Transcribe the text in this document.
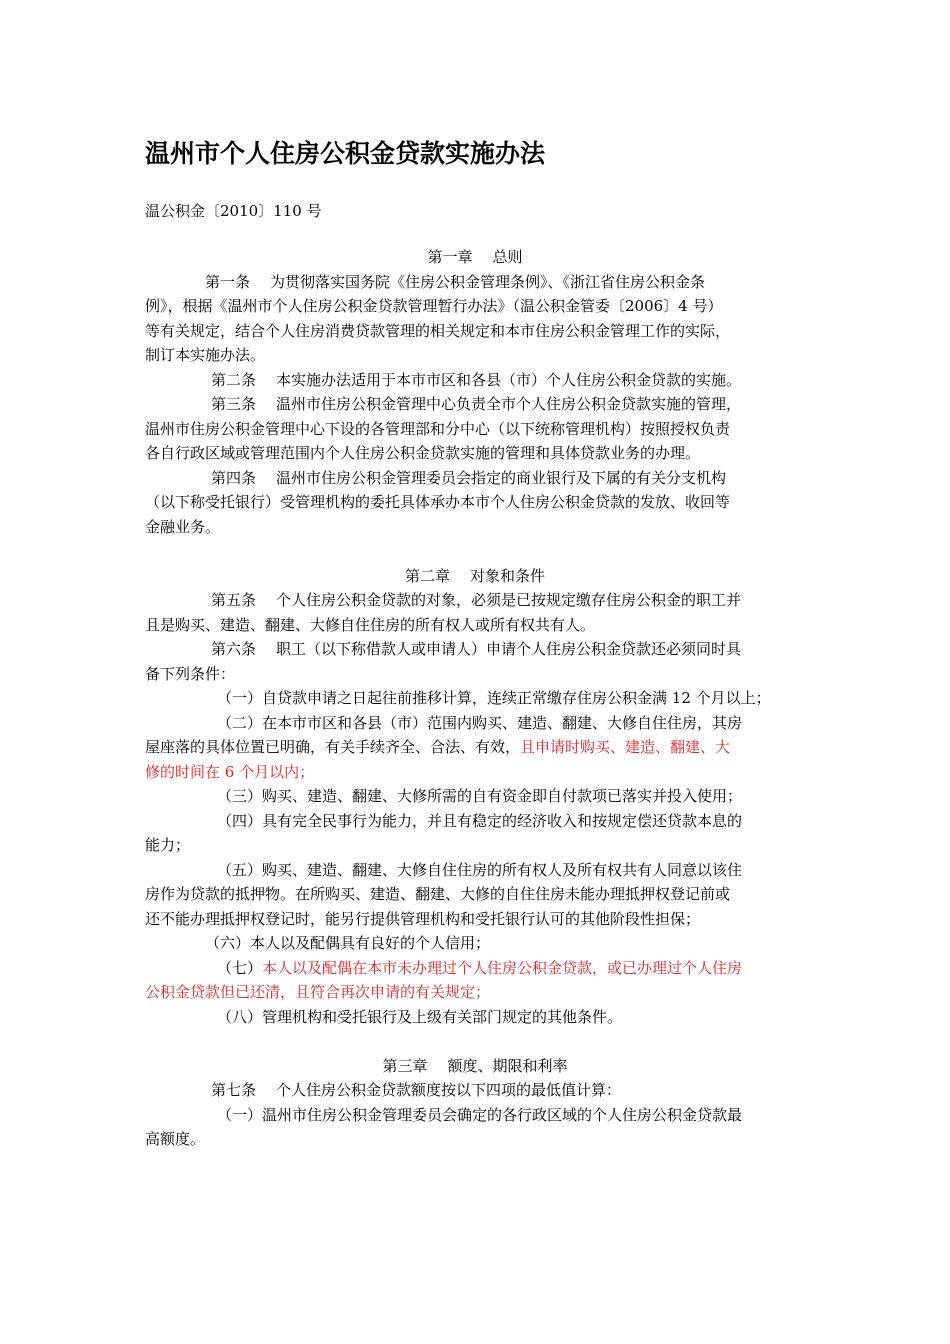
温州市个人住房公积金贷款实施办法
温公积金〔2010〕110 号
第一章 总则
第一条 为贯彻落实国务院《住房公积金管理条例》、《浙江省住房公积金条
例》，根据《温州市个人住房公积金贷款管理暂行办法》（温公积金管委〔2006〕4 号）
等有关规定，结合个人住房消费贷款管理的相关规定和本市住房公积金管理工作的实际，
制订本实施办法。
第二条 本实施办法适用于本市市区和各县（市）个人住房公积金贷款的实施。
第三条 温州市住房公积金管理中心负责全市个人住房公积金贷款实施的管理，
温州市住房公积金管理中心下设的各管理部和分中心（以下统称管理机构）按照授权负责
各自行政区域或管理范围内个人住房公积金贷款实施的管理和具体贷款业务的办理。
第四条 温州市住房公积金管理委员会指定的商业银行及下属的有关分支机构
（以下称受托银行）受管理机构的委托具体承办本市个人住房公积金贷款的发放、收回等
金融业务。
第二章 对象和条件
第五条 个人住房公积金贷款的对象，必须是已按规定缴存住房公积金的职工并
且是购买、建造、翻建、大修自住住房的所有权人或所有权共有人。
第六条 职工（以下称借款人或申请人）申请个人住房公积金贷款还必须同时具
备下列条件：
（一）自贷款申请之日起往前推移计算，连续正常缴存住房公积金满 12 个月以上；
（二）在本市市区和各县（市）范围内购买、建造、翻建、大修自住住房，其房
屋座落的具体位置已明确，有关手续齐全、合法、有效，且申请时购买、建造、翻建、大
修的时间在 6 个月以内；
（三）购买、建造、翻建、大修所需的自有资金即自付款项已落实并投入使用；
（四）具有完全民事行为能力，并且有稳定的经济收入和按规定偿还贷款本息的
能力；
（五）购买、建造、翻建、大修自住住房的所有权人及所有权共有人同意以该住
房作为贷款的抵押物。在所购买、建造、翻建、大修的自住住房未能办理抵押权登记前或
还不能办理抵押权登记时，能另行提供管理机构和受托银行认可的其他阶段性担保；
（六）本人以及配偶具有良好的个人信用；
（七）本人以及配偶在本市未办理过个人住房公积金贷款，或已办理过个人住房
公积金贷款但已还清，且符合再次申请的有关规定；
（八）管理机构和受托银行及上级有关部门规定的其他条件。
第三章 额度、期限和利率
第七条 个人住房公积金贷款额度按以下四项的最低值计算：
（一）温州市住房公积金管理委员会确定的各行政区域的个人住房公积金贷款最
高额度。
